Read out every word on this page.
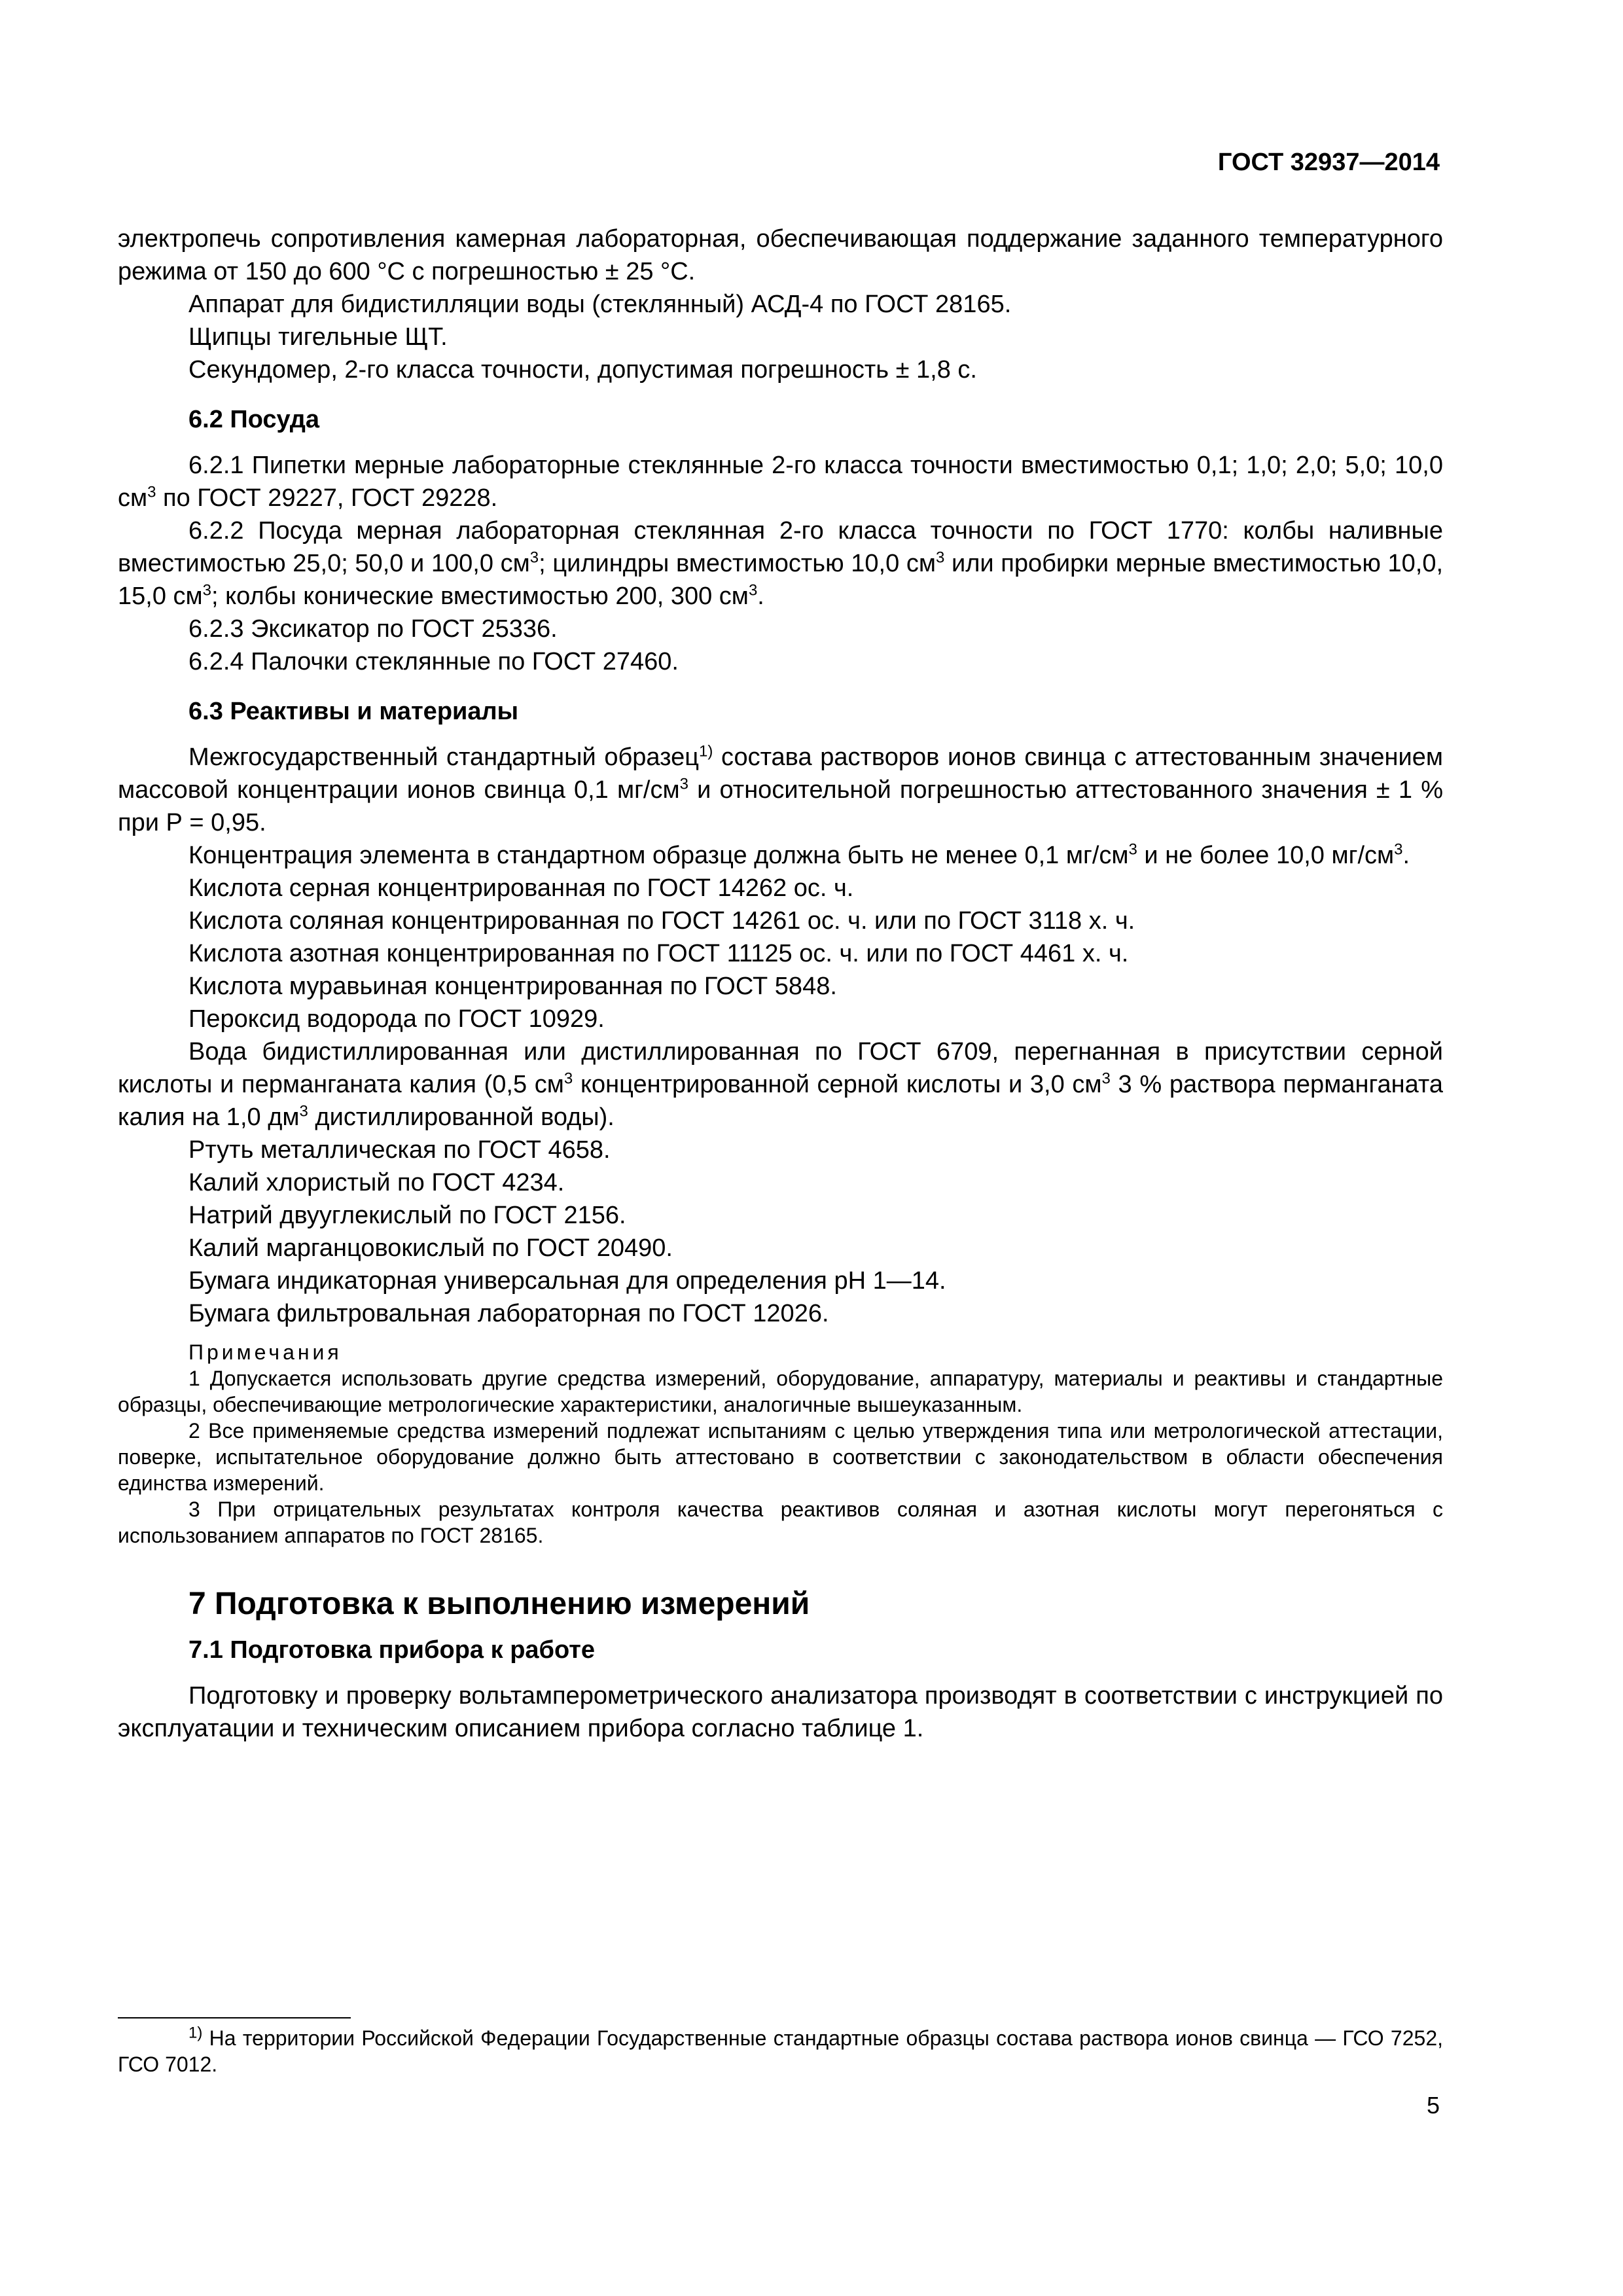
ГОСТ 32937—2014

электропечь сопротивления камерная лабораторная, обеспечивающая поддержание заданного температурного режима от 150 до 600 °С с погрешностью ± 25 °С.

Аппарат для бидистилляции воды (стеклянный) АСД-4 по ГОСТ 28165.

Щипцы тигельные ЩТ.

Секундомер, 2-го класса точности, допустимая погрешность ± 1,8 с.

6.2 Посуда

6.2.1 Пипетки мерные лабораторные стеклянные 2-го класса точности вместимостью 0,1; 1,0; 2,0; 5,0; 10,0 $см^3$ по ГОСТ 29227, ГОСТ 29228.

6.2.2 Посуда мерная лабораторная стеклянная 2-го класса точности по ГОСТ 1770: колбы наливные вместимостью 25,0; 50,0 и 100,0 $см^3$; цилиндры вместимостью 10,0 $см^3$ или пробирки мерные вместимостью 10,0, 15,0 $см^3$; колбы конические вместимостью 200, 300 $см^3$.

6.2.3 Эксикатор по ГОСТ 25336.

6.2.4 Палочки стеклянные по ГОСТ 27460.

6.3 Реактивы и материалы

Межгосударственный стандартный образец$^{1)}$ состава растворов ионов свинца с аттестованным значением массовой концентрации ионов свинца 0,1 $мг/см^3$ и относительной погрешностью аттестованного значения ± 1 % при Р = 0,95.

Концентрация элемента в стандартном образце должна быть не менее 0,1 $мг/см^3$ и не более 10,0 $мг/см^3$.

Кислота серная концентрированная по ГОСТ 14262 ос. ч.

Кислота соляная концентрированная по ГОСТ 14261 ос. ч. или по ГОСТ 3118 х. ч.

Кислота азотная концентрированная по ГОСТ 11125 ос. ч. или по ГОСТ 4461 х. ч.

Кислота муравьиная концентрированная по ГОСТ 5848.

Пероксид водорода по ГОСТ 10929.

Вода бидистиллированная или дистиллированная по ГОСТ 6709, перегнанная в присутствии серной кислоты и перманганата калия (0,5 $см^3$ концентрированной серной кислоты и 3,0 $см^3$ 3 % раствора перманганата калия на 1,0 $дм^3$ дистиллированной воды).

Ртуть металлическая по ГОСТ 4658.

Калий хлористый по ГОСТ 4234.

Натрий двууглекислый по ГОСТ 2156.

Калий марганцовокислый по ГОСТ 20490.

Бумага индикаторная универсальная для определения рН 1—14.

Бумага фильтровальная лабораторная по ГОСТ 12026.

Примечания

1 Допускается использовать другие средства измерений, оборудование, аппаратуру, материалы и реактивы и стандартные образцы, обеспечивающие метрологические характеристики, аналогичные вышеуказанным.

2 Все применяемые средства измерений подлежат испытаниям с целью утверждения типа или метрологической аттестации, поверке, испытательное оборудование должно быть аттестовано в соответствии с законодательством в области обеспечения единства измерений.

3 При отрицательных результатах контроля качества реактивов соляная и азотная кислоты могут перегоняться с использованием аппаратов по ГОСТ 28165.

7 Подготовка к выполнению измерений
7.1 Подготовка прибора к работе

Подготовку и проверку вольтамперометрического анализатора производят в соответствии с инструкцией по эксплуатации и техническим описанием прибора согласно таблице 1.

$^{1)}$ На территории Российской Федерации Государственные стандартные образцы состава раствора ионов свинца — ГСО 7252, ГСО 7012.

5
